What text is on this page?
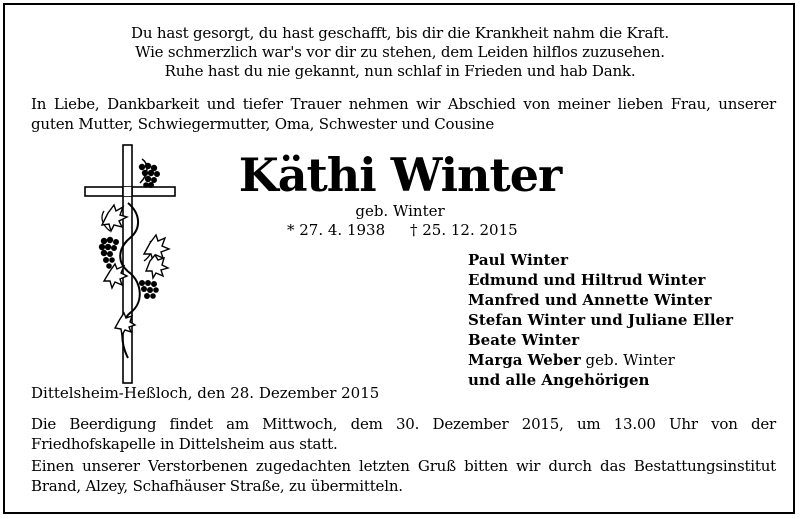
Du hast gesorgt, du hast geschafft, bis dir die Krankheit nahm die Kraft.
Wie schmerzlich war's vor dir zu stehen, dem Leiden hilflos zuzusehen.
Ruhe hast du nie gekannt, nun schlaf in Frieden und hab Dank.
In Liebe, Dankbarkeit und tiefer Trauer nehmen wir Abschied von meiner lieben Frau, unserer guten Mutter, Schwiegermutter, Oma, Schwester und Cousine
Käthi Winter
geb. Winter
* 27. 4. 1938 † 25. 12. 2015
Paul Winter
Edmund und Hiltrud Winter
Manfred und Annette Winter
Stefan Winter und Juliane Eller
Beate Winter
Marga Weber geb. Winter
und alle Angehörigen
Dittelsheim-Heßloch, den 28. Dezember 2015
Die Beerdigung findet am Mittwoch, dem 30. Dezember 2015, um 13.00 Uhr von der Friedhofskapelle in Dittelsheim aus statt.
Einen unserer Verstorbenen zugedachten letzten Gruß bitten wir durch das Bestattungsinstitut Brand, Alzey, Schafhäuser Straße, zu übermitteln.
